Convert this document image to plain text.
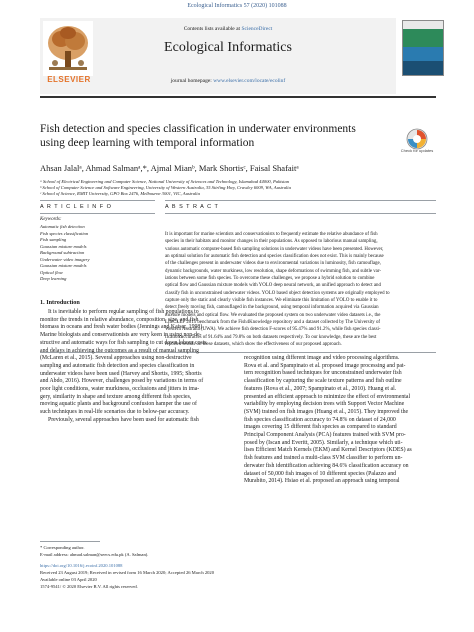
Ecological Informatics 57 (2020) 101088
ELSEVIER
Contents lists available at ScienceDirect
Ecological Informatics
journal homepage: www.elsevier.com/locate/ecolinf
Fish detection and species classification in underwater environments using deep learning with temporal information
Check for updates
Ahsan Jalalᵃ, Ahmad Salmanᵃ,*, Ajmal Mianᵇ, Mark Shortisᶜ, Faisal Shafaitᵃ
ᵃ School of Electrical Engineering and Computer Science, National University of Sciences and Technology, Islamabad 44000, Pakistan
ᵇ School of Computer Science and Software Engineering, University of Western Australia, 35 Stirling Hwy, Crawley 6009, WA, Australia
ᶜ School of Science, RMIT University, GPO Box 2476, Melbourne 3001, VIC, Australia
A R T I C L E I N F O	A B S T R A C T
Keywords:
Automatic fish detection
Fish species classification
Fish sampling
Gaussian mixture models
Background subtraction
Underwater video imagery
Gaussian mixture models
Optical flow
Deep learning
It is important for marine scientists and conservationists to frequently estimate the relative abundance of fish
species in their habitats and monitor changes in their populations. As opposed to laborious manual sampling,
various automatic computer-based fish sampling solutions in underwater videos have been presented. However,
an optimal solution for automatic fish detection and species classification does not exist. This is mainly because
of the challenges present in underwater videos due to environmental variations in luminosity, fish camouflage,
dynamic backgrounds, water murkiness, low resolution, shape deformations of swimming fish, and subtle var-
iations between some fish species. To overcome these challenges, we propose a hybrid solution to combine
optical flow and Gaussian mixture models with YOLO deep neural network, an unified approach to detect and
classify fish in unconstrained underwater videos. YOLO based object detection systems are originally employed to
capture only the static and clearly visible fish instances. We eliminate this limitation of YOLO to enable it to
detect freely moving fish, camouflaged in the background, using temporal information acquired via Gaussian
mixture models and optical flow. We evaluated the proposed system on two underwater video datasets i.e., the
LifeCLEF 2015 benchmark from the Fish4Knowledge repository and a dataset collected by The University of
Western Australia (UWA). We achieve fish detection F-scores of 95.47% and 91.2%, while fish species classi-
fication accuracies of 91.64% and 79.8% on both datasets respectively. To our knowledge, these are the best
reported results on these datasets, which show the effectiveness of our proposed approach.
1. Introduction
It is inevitable to perform regular sampling of fish populations to
monitor the trends in relative abundance, composition, size, and fish
biomass in oceans and fresh water bodies (Jennings and Kaiser, 1998).
Marine biologists and conservationists are very keen in using non-de-
structive and automatic ways for fish sampling to cut down labour costs
and delays in achieving the outcomes as a result of manual sampling
(McLaren et al., 2015). Several approaches using non-destructive
sampling and automatic fish detection and species classification in
underwater videos have been used (Harvey and Shortis, 1995; Shortis
and Abdo, 2016). However, challenges posed by variations in terms of
poor light conditions, water murkiness, occlusions and jitters in ima-
gery, similarity in shape and texture among different fish species,
moving aquatic plants and background confusion hamper the use of
such techniques in real-life scenarios due to below-par accuracy.
Previously, several approaches have been used for automatic fish
recognition using different image and video processing algorithms.
Rova et al. and Spampinato et al. proposed image processing and pat-
tern recognition based techniques for unconstrained underwater fish
classification by capturing the scale texture patterns and fish outline
features (Rova et al., 2007; Spampinato et al., 2010). Huang et al.
presented an efficient approach to minimize the effect of environmental
variability by employing decision trees with Support Vector Machine
(SVM) trained on fish images (Huang et al., 2015). They improved the
fish species classification accuracy to 74.8% on dataset of 24,000
images covering 15 different fish species as compared to standard
Principal Component Analysis (PCA) features trained with SVM pro-
posed by (Iscan and Everitt, 2005). Similarly, a technique which uti-
lises Efficient Match Kernels (EKM) and Kernel Descriptors (KDES) as
fish features and trained a multi-class SVM classifier to perform un-
derwater fish identification achieving 84.6% classification accuracy on
dataset of 50,000 fish images of 10 different species (Palazzo and
Murabito, 2014). Hsiao et al. proposed an approach using temporal
* Corresponding author.
E-mail address: ahmad.salman@seecs.edu.pk (A. Salman).
https://doi.org/10.1016/j.ecoinf.2020.101088
Received 23 August 2019; Received in revised form 16 March 2020; Accepted 26 March 2020
Available online 03 April 2020
1574-9541/ © 2020 Elsevier B.V. All rights reserved.
